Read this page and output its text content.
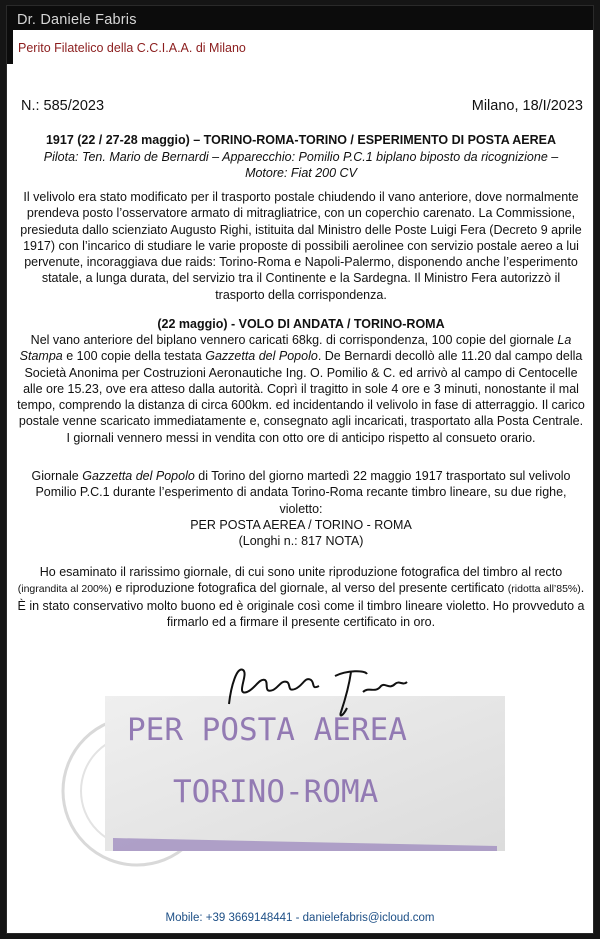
Dr. Daniele Fabris
Perito Filatelico della C.C.I.A.A. di Milano
N.: 585/2023	Milano, 18/I/2023
1917 (22 / 27-28 maggio) – TORINO-ROMA-TORINO / ESPERIMENTO DI POSTA AEREA
Pilota: Ten. Mario de Bernardi – Apparecchio: Pomilio P.C.1 biplano biposto da ricognizione – Motore: Fiat 200 CV
Il velivolo era stato modificato per il trasporto postale chiudendo il vano anteriore, dove normalmente prendeva posto l’osservatore armato di mitragliatrice, con un coperchio carenato. La Commissione, presieduta dallo scienziato Augusto Righi, istituita dal Ministro delle Poste Luigi Fera (Decreto 9 aprile 1917) con l’incarico di studiare le varie proposte di possibili aerolinee con servizio postale aereo a lui pervenute, incoraggiava due raids: Torino-Roma e Napoli-Palermo, disponendo anche l’esperimento statale, a lunga durata, del servizio tra il Continente e la Sardegna. Il Ministro Fera autorizzò il trasporto della corrispondenza.
(22 maggio) - VOLO DI ANDATA / TORINO-ROMA
Nel vano anteriore del biplano vennero caricati 68kg. di corrispondenza, 100 copie del giornale La Stampa e 100 copie della testata Gazzetta del Popolo. De Bernardi decollò alle 11.20 dal campo della Società Anonima per Costruzioni Aeronautiche Ing. O. Pomilio & C. ed arrivò al campo di Centocelle alle ore 15.23, ove era atteso dalla autorità. Coprì il tragitto in sole 4 ore e 3 minuti, nonostante il mal tempo, comprendo la distanza di circa 600km. ed incidentando il velivolo in fase di atterraggio. Il carico postale venne scaricato immediatamente e, consegnato agli incaricati, trasportato alla Posta Centrale. I giornali vennero messi in vendita con otto ore di anticipo rispetto al consueto orario.
Giornale Gazzetta del Popolo di Torino del giorno martedì 22 maggio 1917 trasportato sul velivolo Pomilio P.C.1 durante l’esperimento di andata Torino-Roma recante timbro lineare, su due righe, violetto:
PER POSTA AEREA / TORINO - ROMA
(Longhi n.: 817 NOTA)
Ho esaminato il rarissimo giornale, di cui sono unite riproduzione fotografica del timbro al recto (ingrandita al 200%) e riproduzione fotografica del giornale, al verso del presente certificato (ridotta all’85%). È in stato conservativo molto buono ed è originale così come il timbro lineare violetto. Ho provveduto a firmarlo ed a firmare il presente certificato in oro.
PER POSTA AEREA
TORINO-ROMA
Mobile: +39 3669148441 - danielefabris@icloud.com
